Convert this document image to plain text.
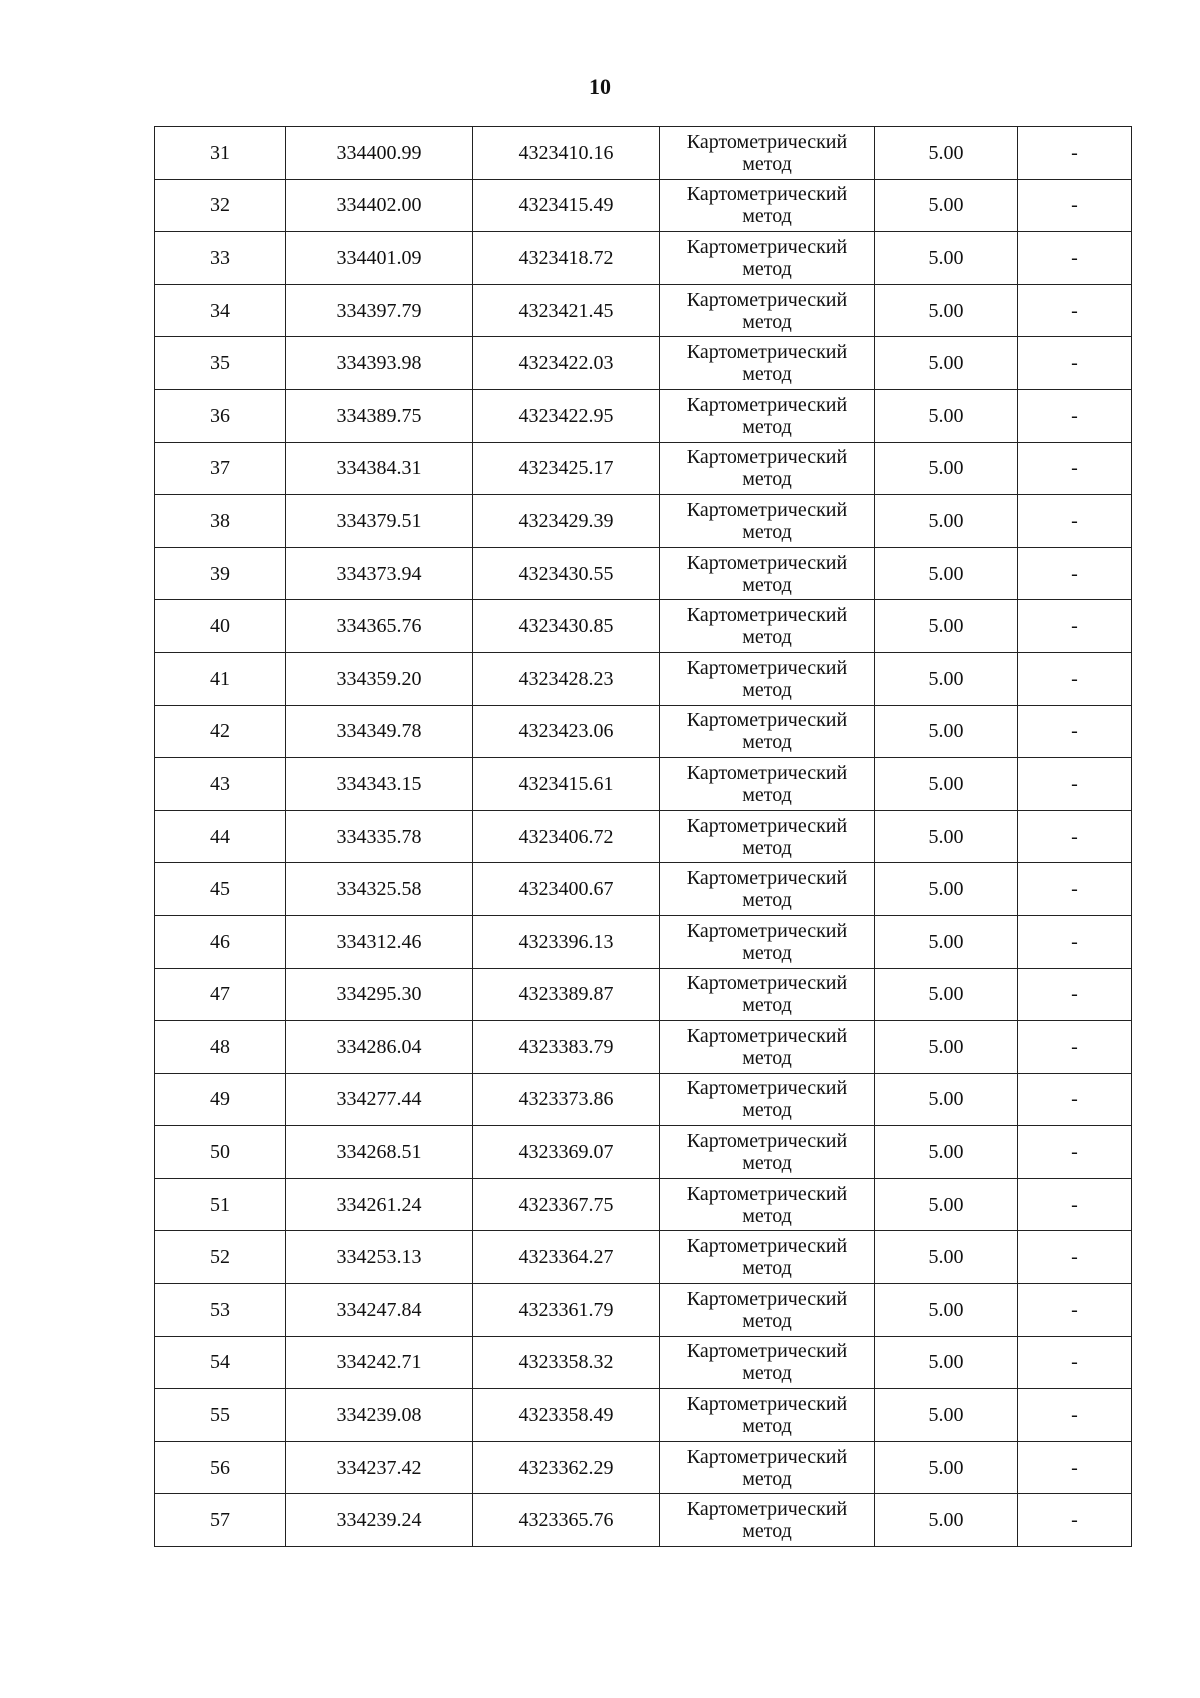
10
31	334400.99	4323410.16	Картометрический метод	5.00	-
32	334402.00	4323415.49	Картометрический метод	5.00	-
33	334401.09	4323418.72	Картометрический метод	5.00	-
34	334397.79	4323421.45	Картометрический метод	5.00	-
35	334393.98	4323422.03	Картометрический метод	5.00	-
36	334389.75	4323422.95	Картометрический метод	5.00	-
37	334384.31	4323425.17	Картометрический метод	5.00	-
38	334379.51	4323429.39	Картометрический метод	5.00	-
39	334373.94	4323430.55	Картометрический метод	5.00	-
40	334365.76	4323430.85	Картометрический метод	5.00	-
41	334359.20	4323428.23	Картометрический метод	5.00	-
42	334349.78	4323423.06	Картометрический метод	5.00	-
43	334343.15	4323415.61	Картометрический метод	5.00	-
44	334335.78	4323406.72	Картометрический метод	5.00	-
45	334325.58	4323400.67	Картометрический метод	5.00	-
46	334312.46	4323396.13	Картометрический метод	5.00	-
47	334295.30	4323389.87	Картометрический метод	5.00	-
48	334286.04	4323383.79	Картометрический метод	5.00	-
49	334277.44	4323373.86	Картометрический метод	5.00	-
50	334268.51	4323369.07	Картометрический метод	5.00	-
51	334261.24	4323367.75	Картометрический метод	5.00	-
52	334253.13	4323364.27	Картометрический метод	5.00	-
53	334247.84	4323361.79	Картометрический метод	5.00	-
54	334242.71	4323358.32	Картометрический метод	5.00	-
55	334239.08	4323358.49	Картометрический метод	5.00	-
56	334237.42	4323362.29	Картометрический метод	5.00	-
57	334239.24	4323365.76	Картометрический метод	5.00	-
